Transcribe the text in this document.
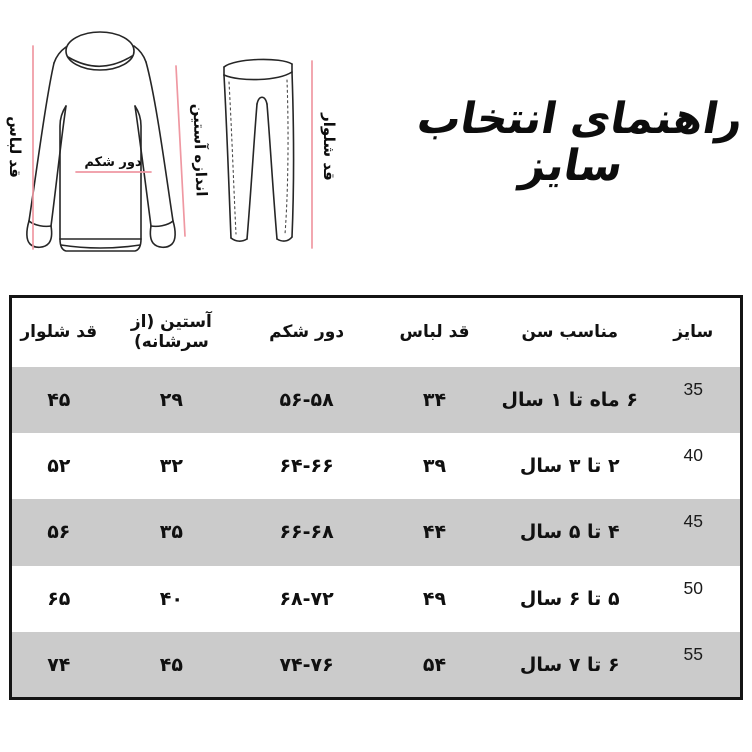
قد لباس	اندازه آستین
دور شکم	قد شلوار	راهنمای انتخاب سایز
سایز	مناسب سن	قد لباس	دور شکم	آستین (از سرشانه)	قد شلوار
35	۶ ماه تا ۱ سال	۳۴	۵۶-۵۸	۲۹	۴۵
40	۲ تا ۳ سال	۳۹	۶۴-۶۶	۳۲	۵۲
45	۴ تا ۵ سال	۴۴	۶۶-۶۸	۳۵	۵۶
50	۵ تا ۶ سال	۴۹	۶۸-۷۲	۴۰	۶۵
55	۶ تا ۷ سال	۵۴	۷۴-۷۶	۴۵	۷۴
